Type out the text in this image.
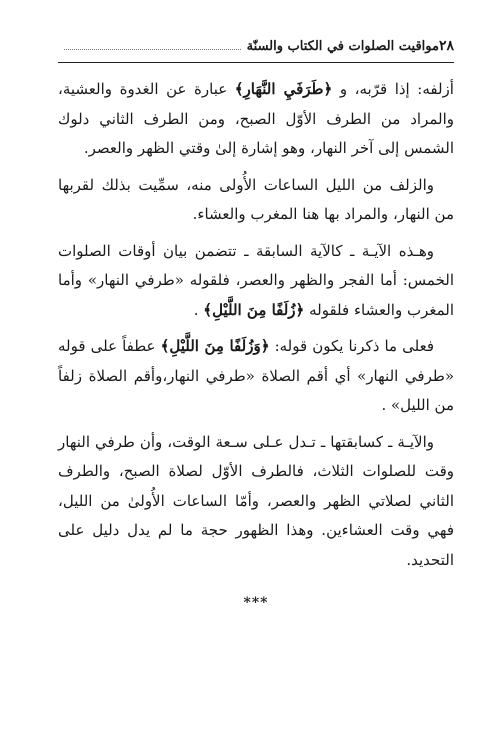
٢٨
مواقيت الصلوات في الكتاب والسنّة

أزلفه: إذا قرّبه، و ﴿طَرَفَيِ النَّهَارِ﴾ عبارة عن الغدوة والعشية، والمراد من الطرف الأوّل الصبح، ومن الطرف الثاني دلوك الشمس إلى آخر النهار، وهو إشارة إلىٰ وقتي الظهر والعصر.

والزلف من الليل الساعات الأُولى منه، سمِّيت بذلك لقربها من النهار، والمراد بها هنا المغرب والعشاء.

وهـذه الآيـة ـ كالآية السابقة ـ تتضمن بيان أوقات الصلوات الخمس: أما الفجر والظهر والعصر، فلقوله «طرفي النهار» وأما المغرب والعشاء فلقوله ﴿زُلَفًا مِنَ اللَّيْلِ﴾ .

فعلى ما ذكرنا يكون قوله: ﴿وَزُلَفًا مِنَ اللَّيْلِ﴾ عطفاً على قوله «طرفي النهار» أي أقم الصلاة «طرفي النهار،وأقم الصلاة زلفاً من الليل» .

والآيـة ـ كسابقتها ـ تـدل عـلى سـعة الوقت، وأن طرفي النهار وقت للصلوات الثلاث، فالطرف الأوّل لصلاة الصبح، والطرف الثاني لصلاتي الظهر والعصر، وأمّا الساعات الأُولىٰ من الليل، فهي وقت العشاءين. وهذا الظهور حجة ما لم يدل دليل على التحديد.

***
